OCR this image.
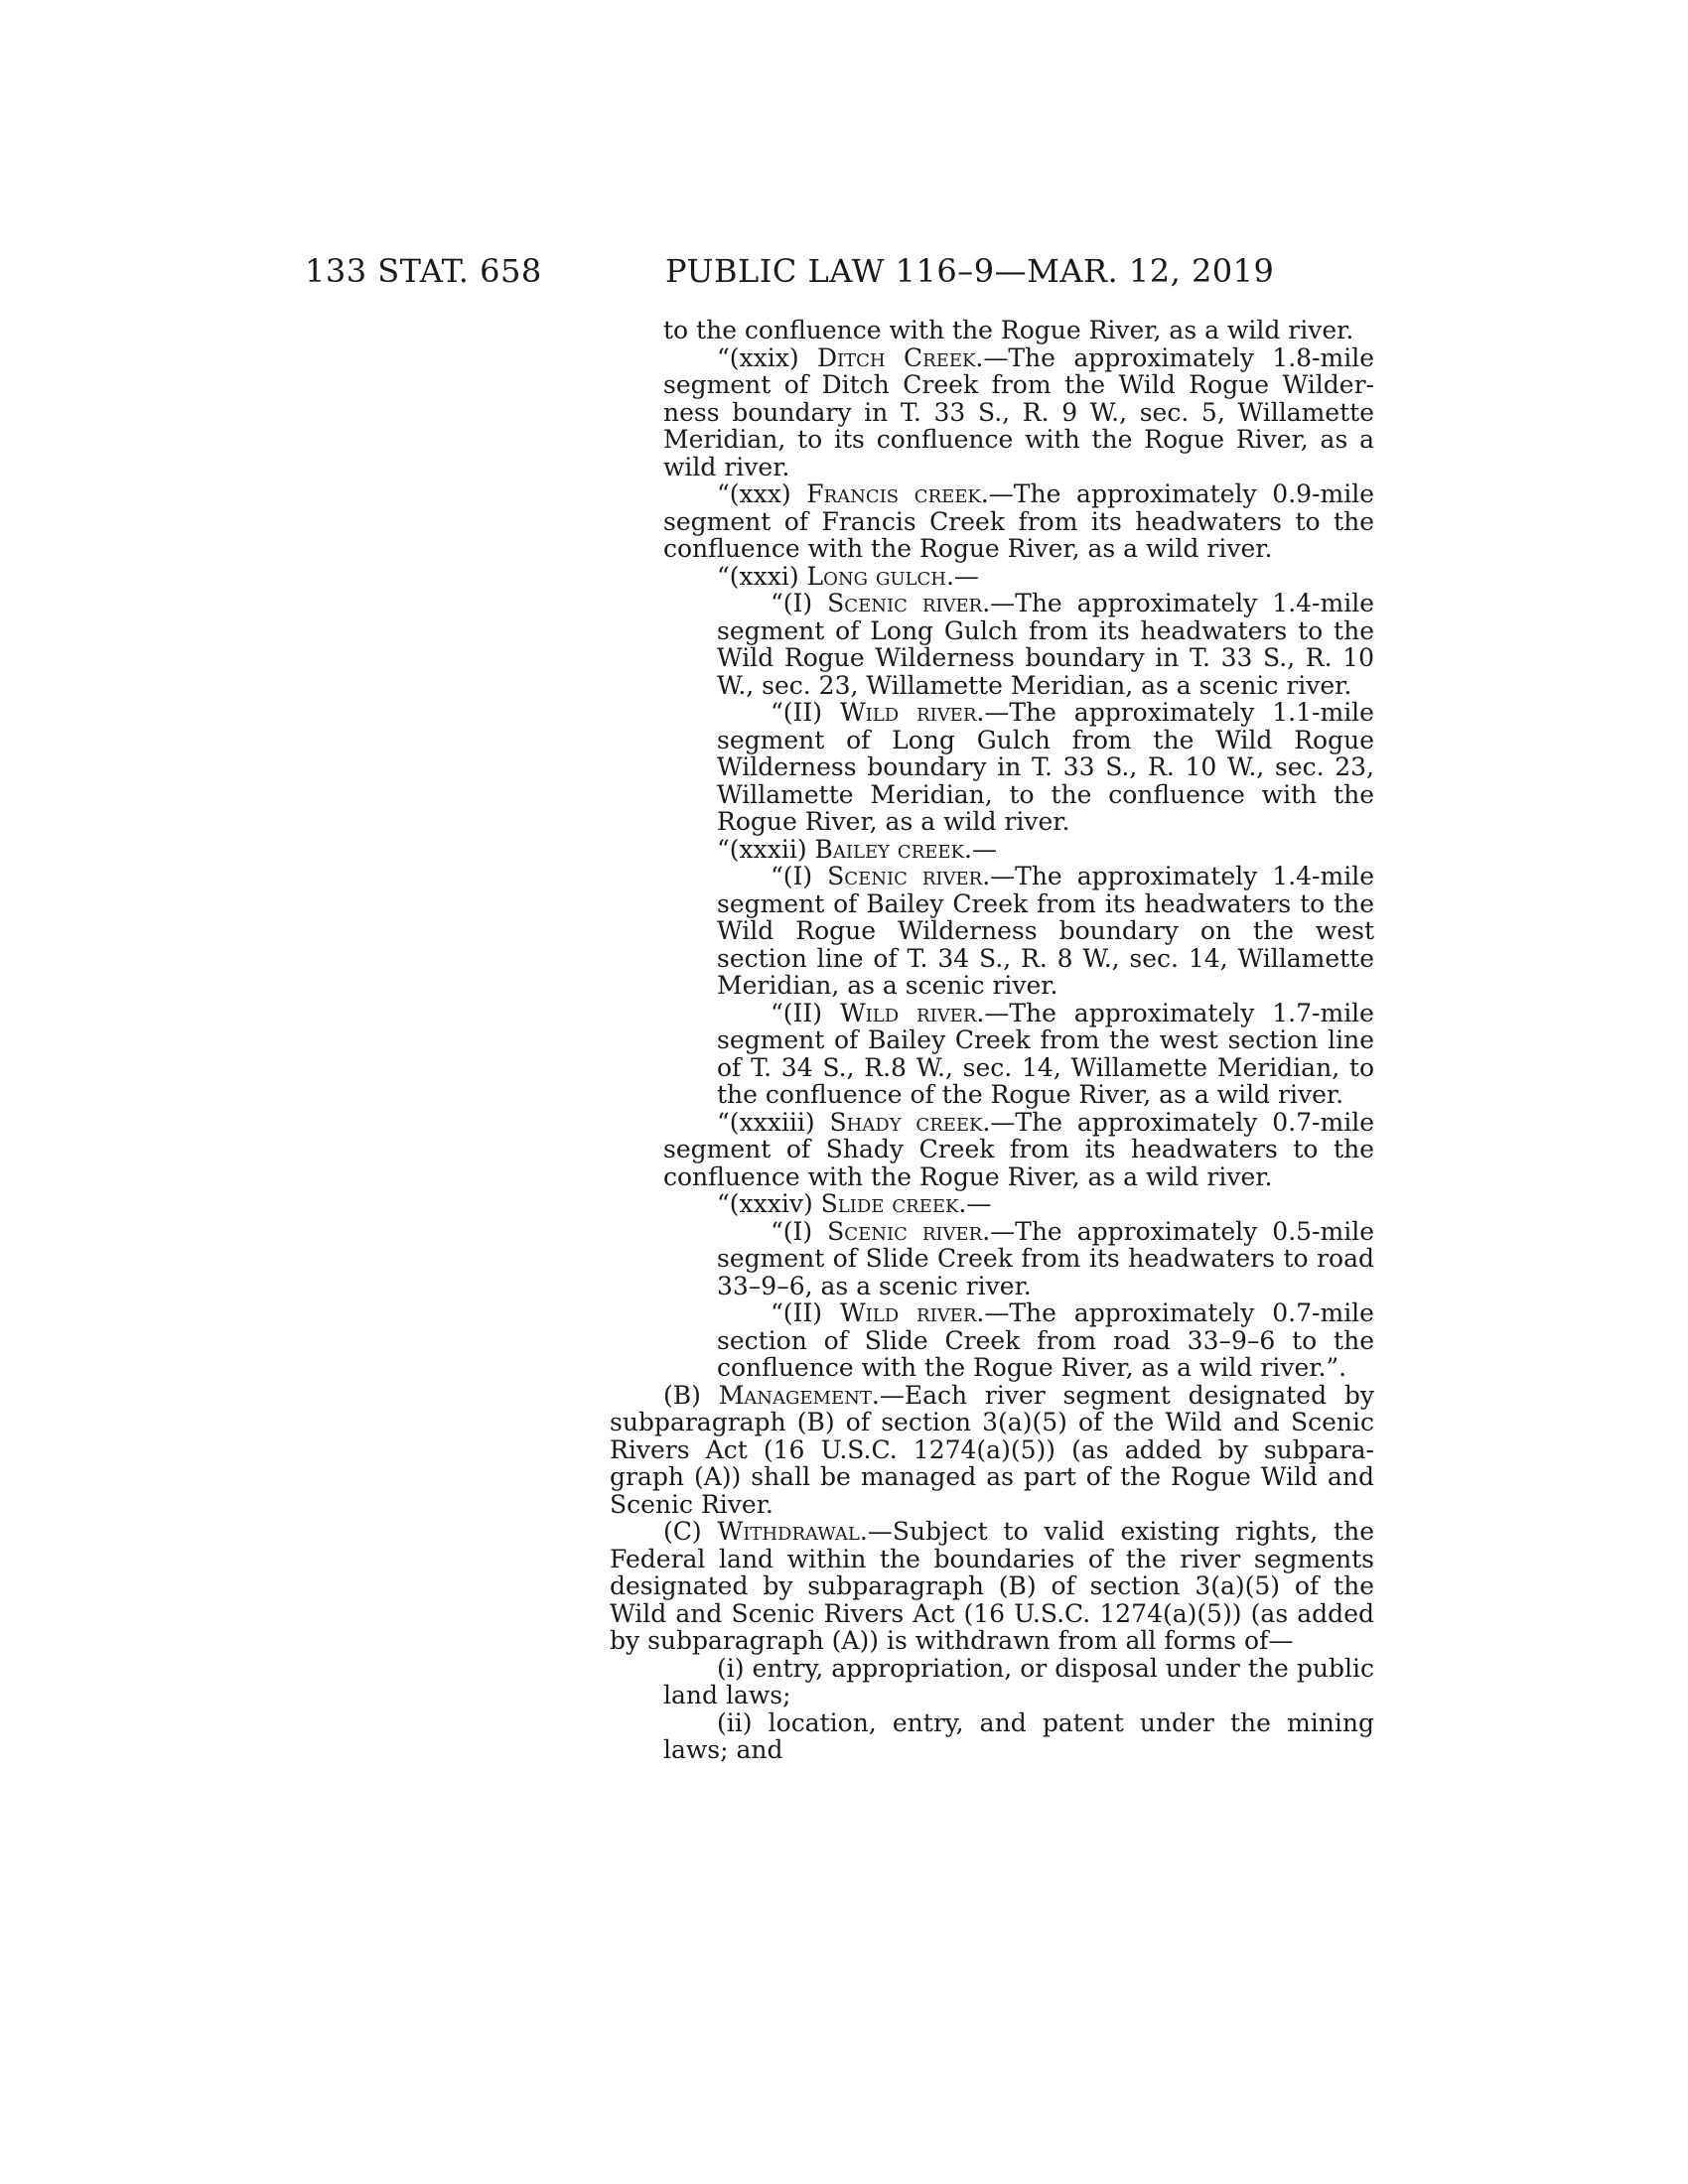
133 STAT. 658	PUBLIC LAW 116–9—MAR. 12, 2019

to the confluence with the Rogue River, as a wild river.

“(xxix) Ditch Creek.—The approximately 1.8-mile segment of Ditch Creek from the Wild Rogue Wilder-ness boundary in T. 33 S., R. 9 W., sec. 5, Willamette Meridian, to its confluence with the Rogue River, as a wild river.

“(xxx) Francis creek.—The approximately 0.9-mile segment of Francis Creek from its headwaters to the confluence with the Rogue River, as a wild river.

“(xxxi) Long gulch.—

“(I) Scenic river.—The approximately 1.4-mile segment of Long Gulch from its headwaters to the Wild Rogue Wilderness boundary in T. 33 S., R. 10 W., sec. 23, Willamette Meridian, as a scenic river.

“(II) Wild river.—The approximately 1.1-mile segment of Long Gulch from the Wild Rogue Wilderness boundary in T. 33 S., R. 10 W., sec. 23, Willamette Meridian, to the confluence with the Rogue River, as a wild river.

“(xxxii) Bailey creek.—

“(I) Scenic river.—The approximately 1.4-mile segment of Bailey Creek from its headwaters to the Wild Rogue Wilderness boundary on the west section line of T. 34 S., R. 8 W., sec. 14, Willamette Meridian, as a scenic river.

“(II) Wild river.—The approximately 1.7-mile segment of Bailey Creek from the west section line of T. 34 S., R.8 W., sec. 14, Willamette Meridian, to the confluence of the Rogue River, as a wild river.

“(xxxiii) Shady creek.—The approximately 0.7-mile segment of Shady Creek from its headwaters to the confluence with the Rogue River, as a wild river.

“(xxxiv) Slide creek.—

“(I) Scenic river.—The approximately 0.5-mile segment of Slide Creek from its headwaters to road 33–9–6, as a scenic river.

“(II) Wild river.—The approximately 0.7-mile section of Slide Creek from road 33–9–6 to the confluence with the Rogue River, as a wild river.”.

(B) Management.—Each river segment designated by subparagraph (B) of section 3(a)(5) of the Wild and Scenic Rivers Act (16 U.S.C. 1274(a)(5)) (as added by subpara-graph (A)) shall be managed as part of the Rogue Wild and Scenic River.

(C) Withdrawal.—Subject to valid existing rights, the Federal land within the boundaries of the river segments designated by subparagraph (B) of section 3(a)(5) of the Wild and Scenic Rivers Act (16 U.S.C. 1274(a)(5)) (as added by subparagraph (A)) is withdrawn from all forms of—

(i) entry, appropriation, or disposal under the public land laws;

(ii) location, entry, and patent under the mining laws; and
